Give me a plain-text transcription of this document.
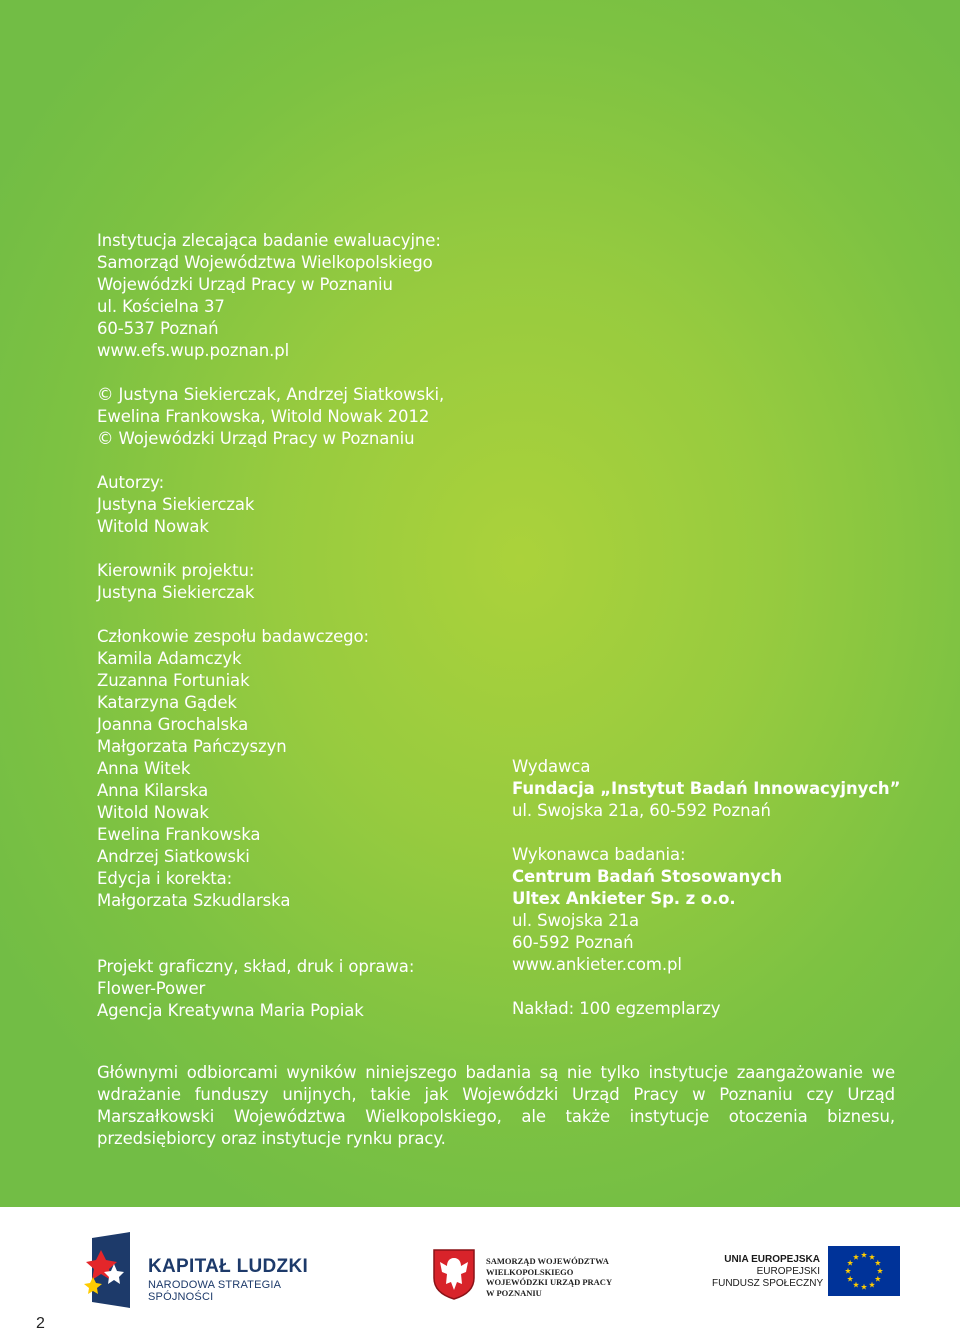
Instytucja zlecająca badanie ewaluacyjne:
Samorząd Województwa Wielkopolskiego
Wojewódzki Urząd Pracy w Poznaniu
ul. Kościelna 37
60-537 Poznań
www.efs.wup.poznan.pl
© Justyna Siekierczak, Andrzej Siatkowski,
Ewelina Frankowska, Witold Nowak 2012
© Wojewódzki Urząd Pracy w Poznaniu
Autorzy:
Justyna Siekierczak
Witold Nowak
Kierownik projektu:
Justyna Siekierczak
Członkowie zespołu badawczego:
Kamila Adamczyk
Zuzanna Fortuniak
Katarzyna Gądek
Joanna Grochalska
Małgorzata Pańczyszyn
Anna Witek
Anna Kilarska
Witold Nowak
Ewelina Frankowska
Andrzej Siatkowski
Edycja i korekta:
Małgorzata Szkudlarska
Projekt graficzny, skład, druk i oprawa:
Flower-Power
Agencja Kreatywna Maria Popiak
Wydawca
Fundacja „Instytut Badań Innowacyjnych”
ul. Swojska 21a, 60-592 Poznań
Wykonawca badania:
Centrum Badań Stosowanych
Ultex Ankieter Sp. z o.o.
ul. Swojska 21a
60-592 Poznań
www.ankieter.com.pl
Nakład: 100 egzemplarzy
Głównymi odbiorcami wyników niniejszego badania są nie tylko instytucje zaangażowanie we wdrażanie funduszy unijnych, takie jak Wojewódzki Urząd Pracy w Poznaniu czy Urząd Marszałkowski Województwa Wielkopolskiego, ale także instytucje otoczenia biznesu, przedsiębiorcy oraz instytucje rynku pracy.
KAPITAŁ LUDZKI
NARODOWA STRATEGIA SPÓJNOŚCI
SAMORZĄD WOJEWÓDZTWA
WIELKOPOLSKIEGO
WOJEWÓDZKI URZĄD PRACY
W POZNANIU
UNIA EUROPEJSKA
EUROPEJSKI
FUNDUSZ SPOŁECZNY
2
